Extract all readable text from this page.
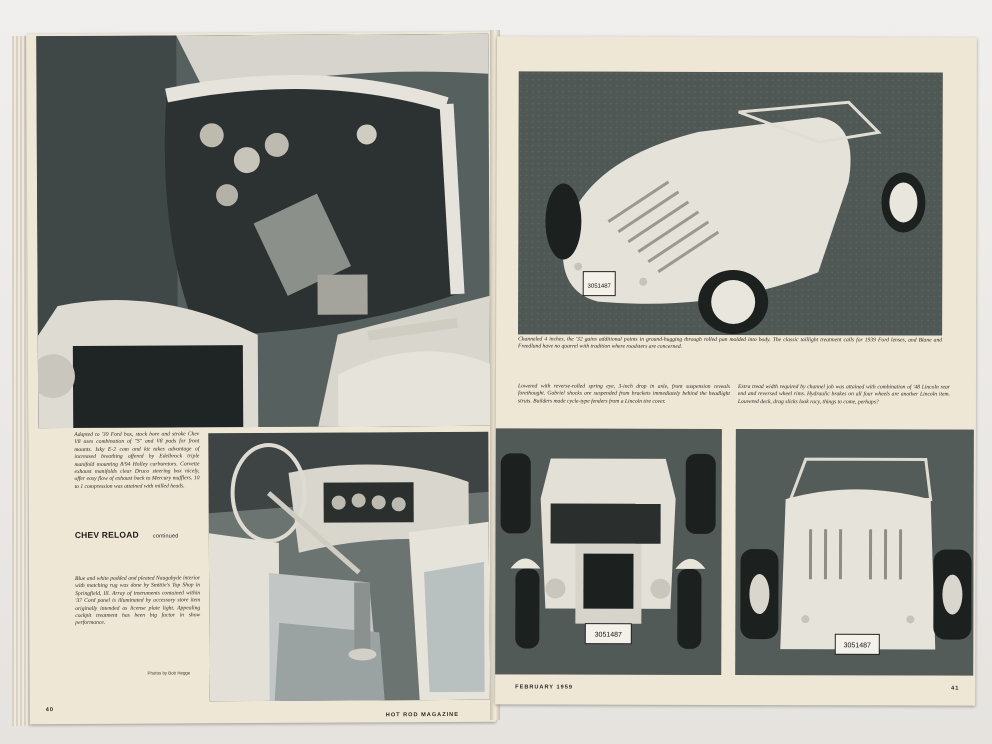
Adapted to '39 Ford box, stock bore and stroke Chev V8 uses combination of "S" and V8 pads for front mounts. Isky E-2 cam and kit takes advantage of increased breathing offered by Edelbrock triple manifold mounting 8/94 Holley carburetors. Corvette exhaust manifolds clear Druco steering box nicely, offer easy flow of exhaust back to Mercury mufflers. 10 to 1 compression was attained with milled heads.
CHEV RELOAD	continued
Blue and white padded and pleated Naugahyde interior with matching rug was done by Smittie's Top Shop in Springfield, Ill. Array of instruments contained within '37 Cord panel is illuminated by accessory store item originally intended as license plate light. Appealing cockpit treatment has been big factor in show performance.
Photos by Bob Hegge
40
HOT ROD MAGAZINE
3051487
Channeled 4 inches, the '32 gains additional points in ground-hugging through rolled pan molded into body. The classic taillight treatment calls for 1939 Ford lenses, and Blane and Freedlund have no quarrel with tradition where roadsters are concerned.
Lowered with reverse-rolled spring eye, 3-inch drop in axle, front suspension reveals forethought. Gabriel shocks are suspended from brackets immediately behind the headlight struts. Builders made cycle-type fenders from a Lincoln tire cover.
Extra tread width required by channel job was attained with combination of '48 Lincoln rear end and reversed wheel rims. Hydraulic brakes on all four wheels are another Lincoln item. Louvered deck, drag slicks look racy, things to come, perhaps?
3051487
3051487
FEBRUARY 1959	41
